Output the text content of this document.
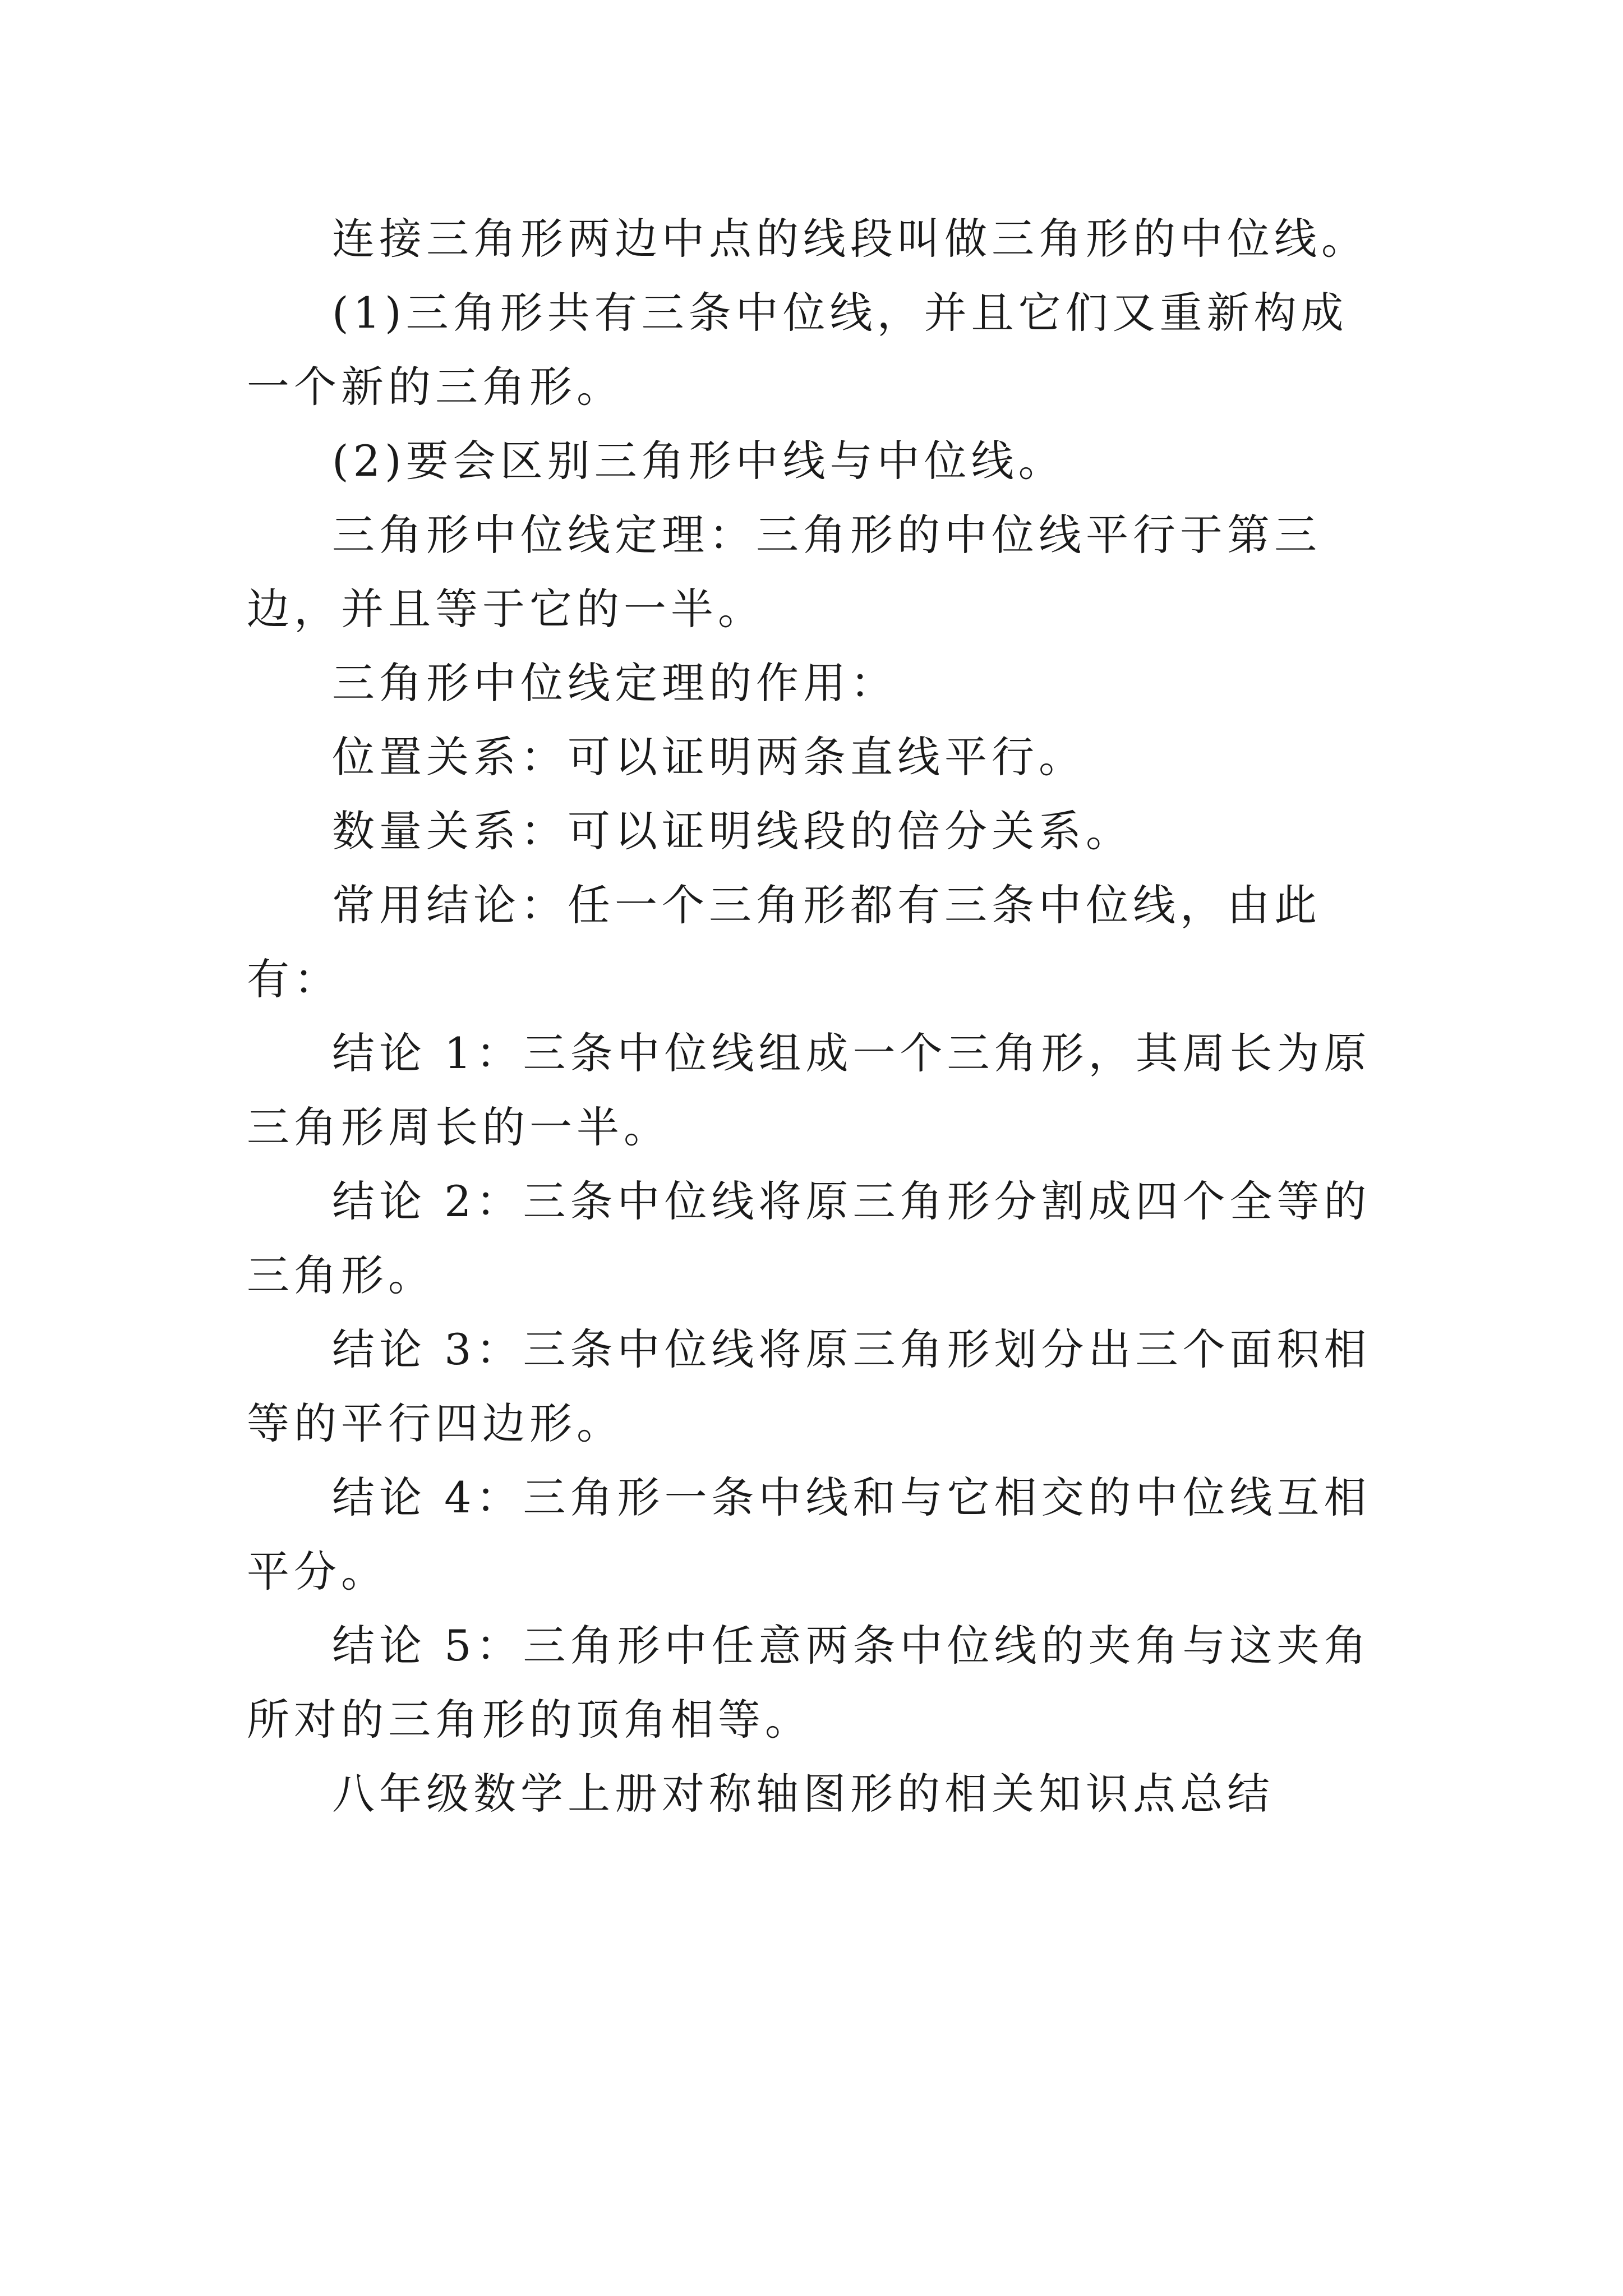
连接三角形两边中点的线段叫做三角形的中位线。

(1)三角形共有三条中位线，并且它们又重新构成一个新的三角形。

(2)要会区别三角形中线与中位线。

三角形中位线定理：三角形的中位线平行于第三边，并且等于它的一半。

三角形中位线定理的作用：

位置关系：可以证明两条直线平行。

数量关系：可以证明线段的倍分关系。

常用结论：任一个三角形都有三条中位线，由此有：

结论 1：三条中位线组成一个三角形，其周长为原三角形周长的一半。

结论 2：三条中位线将原三角形分割成四个全等的三角形。

结论 3：三条中位线将原三角形划分出三个面积相等的平行四边形。

结论 4：三角形一条中线和与它相交的中位线互相平分。

结论 5：三角形中任意两条中位线的夹角与这夹角所对的三角形的顶角相等。

八年级数学上册对称轴图形的相关知识点总结
